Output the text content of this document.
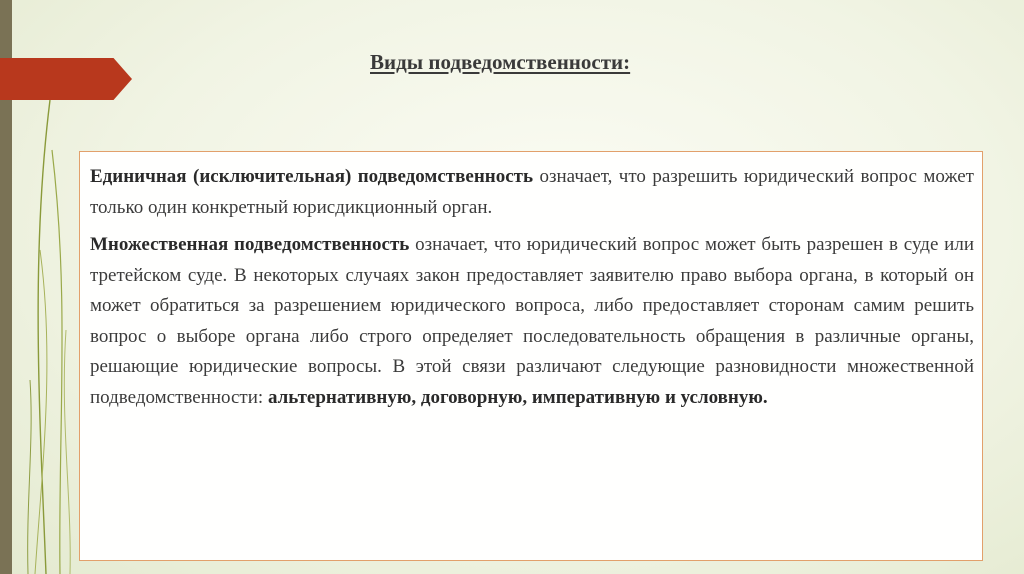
Виды подведомственности:

Единичная (исключительная) подведомственность означает, что разрешить юридический вопрос может только один конкретный юрисдикционный орган.

Множественная подведомственность означает, что юридический вопрос может быть разрешен в суде или третейском суде. В некоторых случаях закон предоставляет заявителю право выбора органа, в который он может обратиться за разрешением юридического вопроса, либо предоставляет сторонам самим решить вопрос о выборе органа либо строго определяет последовательность обращения в различные органы, решающие юридические вопросы. В этой связи различают следующие разновидности множественной подведомственности: альтернативную, договорную, императивную и условную.
